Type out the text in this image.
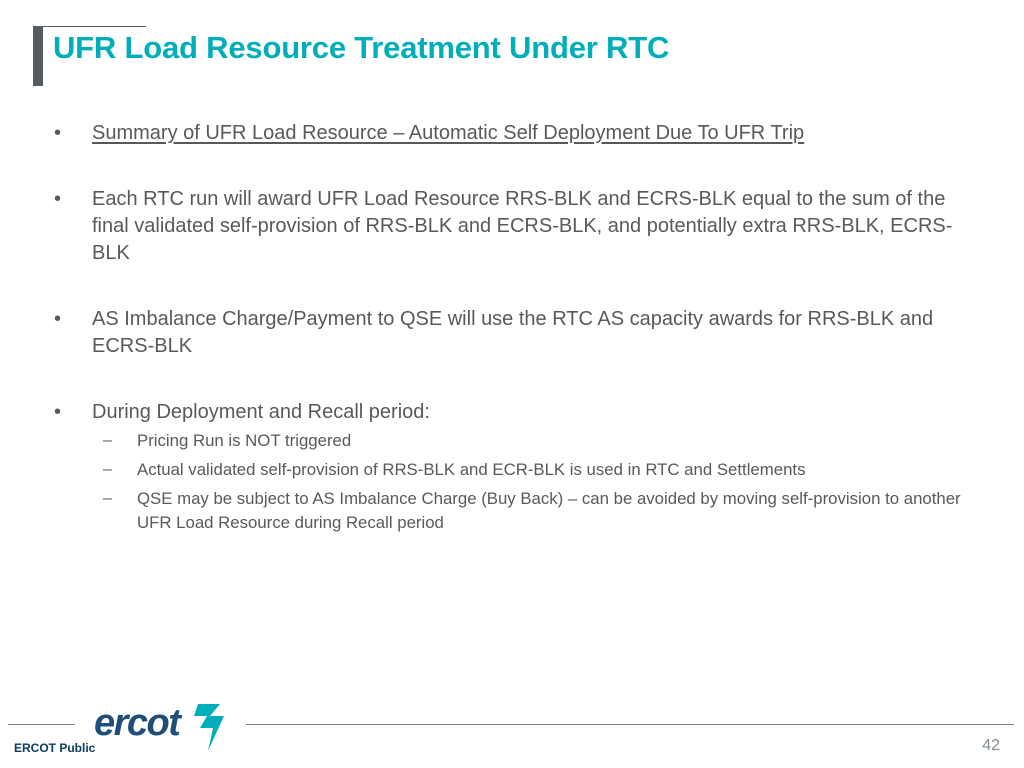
UFR Load Resource Treatment Under RTC
• Summary of UFR Load Resource – Automatic Self Deployment Due To UFR Trip
• Each RTC run will award UFR Load Resource RRS-BLK and ECRS-BLK equal to the sum of the final validated self-provision of RRS-BLK and ECRS-BLK, and potentially extra RRS-BLK, ECRS-BLK
• AS Imbalance Charge/Payment to QSE will use the RTC AS capacity awards for RRS-BLK and ECRS-BLK
• During Deployment and Recall period:
– Pricing Run is NOT triggered
– Actual validated self-provision of RRS-BLK and ECR-BLK is used in RTC and Settlements
– QSE may be subject to AS Imbalance Charge (Buy Back) – can be avoided by moving self-provision to another UFR Load Resource during Recall period
ercot
ERCOT Public	42
